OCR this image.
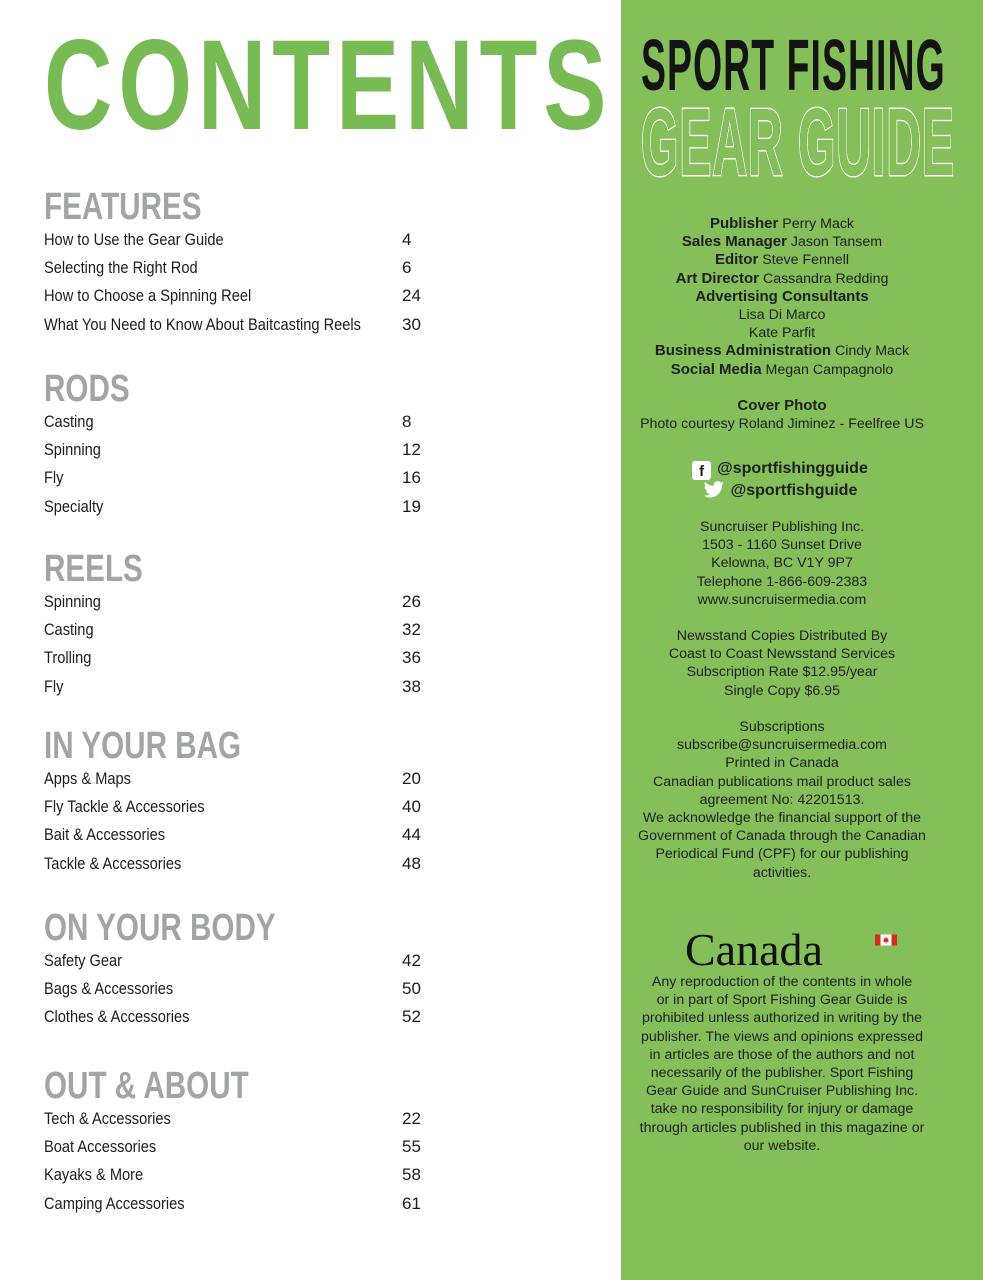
CONTENTS
FEATURES
How to Use the Gear Guide	4
Selecting the Right Rod	6
How to Choose a Spinning Reel	24
What You Need to Know About Baitcasting Reels 30
RODS
Casting	8
Spinning	12
Fly	16
Specialty	19
REELS
Spinning	26
Casting	32
Trolling	36
Fly	38
IN YOUR BAG
Apps & Maps	20
Fly Tackle & Accessories	40
Bait & Accessories	44
Tackle & Accessories	48
ON YOUR BODY
Safety Gear	42
Bags & Accessories	50
Clothes & Accessories	52
OUT & ABOUT
Tech & Accessories	22
Boat Accessories	55
Kayaks & More	58
Camping Accessories	61
SPORT FISHING
GEAR GUIDE
Publisher Perry Mack
Sales Manager Jason Tansem
Editor Steve Fennell
Art Director Cassandra Redding
Advertising Consultants
Lisa Di Marco
Kate Parfit
Business Administration Cindy Mack
Social Media Megan Campagnolo

Cover Photo
Photo courtesy Roland Jiminez - Feelfree US
f @sportfishingguide
@sportfishguide
Suncruiser Publishing Inc.
1503 - 1160 Sunset Drive
Kelowna, BC V1Y 9P7
Telephone 1-866-609-2383
www.suncruisermedia.com
Newsstand Copies Distributed By
Coast to Coast Newsstand Services
Subscription Rate $12.95/year
Single Copy $6.95
Subscriptions
subscribe@suncruisermedia.com
Printed in Canada
Canadian publications mail product sales
agreement No: 42201513.
We acknowledge the financial support of the
Government of Canada through the Canadian
Periodical Fund (CPF) for our publishing
activities.
Canada
Any reproduction of the contents in whole
or in part of Sport Fishing Gear Guide is
prohibited unless authorized in writing by the
publisher. The views and opinions expressed
in articles are those of the authors and not
necessarily of the publisher. Sport Fishing
Gear Guide and SunCruiser Publishing Inc.
take no responsibility for injury or damage
through articles published in this magazine or
our website.
